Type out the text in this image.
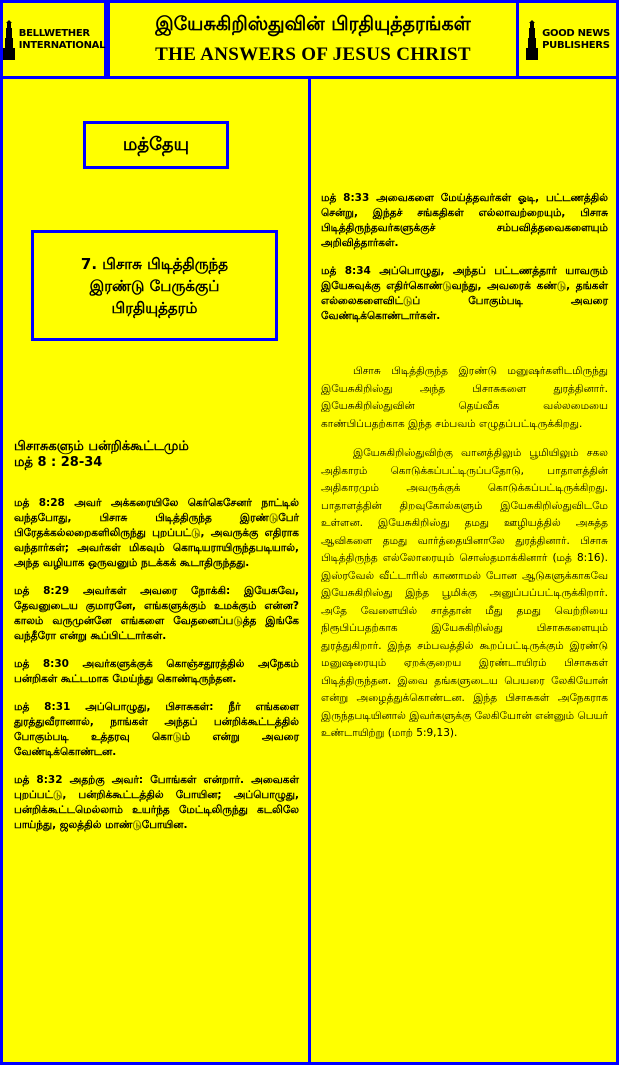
BELLWETHER
INTERNATIONAL
இயேசுகிறிஸ்துவின் பிரதியுத்தரங்கள்
THE ANSWERS OF JESUS CHRIST
GOOD NEWS
PUBLISHERS
மத்தேயு
7. பிசாசு பிடித்திருந்த
இரண்டு பேருக்குப்
பிரதியுத்தரம்
பிசாசுகளும் பன்றிக்கூட்டமும்
மத் 8 : 28-34

மத் 8:28 அவர் அக்கரையிலே கெர்கெசேனர் நாட்டில் வந்தபோது, பிசாசு பிடித்திருந்த இரண்டுபேர் பிரேதக்கல்லறைகளிலிருந்து புறப்பட்டு, அவருக்கு எதிராக வந்தார்கள்; அவர்கள் மிகவும் கொடியராயிருந்தபடியால், அந்த வழியாக ஒருவனும் நடக்கக் கூடாதிருந்தது.

மத் 8:29 அவர்கள் அவரை நோக்கி: இயேசுவே, தேவனுடைய குமாரனே, எங்களுக்கும் உமக்கும் என்ன? காலம் வருமுன்னே எங்களை வேதனைப்படுத்த இங்கே வந்தீரோ என்று கூப்பிட்டார்கள்.

மத் 8:30 அவர்களுக்குக் கொஞ்சதூரத்தில் அநேகம் பன்றிகள் கூட்டமாக மேய்ந்து கொண்டிருந்தன.

மத் 8:31 அப்பொழுது, பிசாசுகள்: நீர் எங்களை துரத்துவீரானால், நாங்கள் அந்தப் பன்றிக்கூட்டத்தில் போகும்படி உத்தரவு கொடும் என்று அவரை வேண்டிக்கொண்டன.

மத் 8:32 அதற்கு அவர்: போங்கள் என்றார். அவைகள் புறப்பட்டு, பன்றிக்கூட்டத்தில் போயின; அப்பொழுது, பன்றிக்கூட்டமெல்லாம் உயர்ந்த மேட்டிலிருந்து கடலிலே பாய்ந்து, ஜலத்தில் மாண்டுபோயின.

மத் 8:33 அவைகளை மேய்த்தவர்கள் ஓடி, பட்டணத்தில் சென்று, இந்தச் சங்கதிகள் எல்லாவற்றையும், பிசாசு பிடித்திருந்தவர்களுக்குச் சம்பவித்தவைகளையும் அறிவித்தார்கள்.

மத் 8:34 அப்பொழுது, அந்தப் பட்டணத்தார் யாவரும் இயேசுவுக்கு எதிர்கொண்டுவந்து, அவரைக் கண்டு, தங்கள் எல்லைகளைவிட்டுப் போகும்படி அவரை வேண்டிக்கொண்டார்கள்.

பிசாசு பிடித்திருந்த இரண்டு மனுஷர்களிடமிருந்து இயேசுகிறிஸ்து அந்த பிசாசுகளை துரத்தினார். இயேசுகிறிஸ்துவின் தெய்வீக வல்லமையை காண்பிப்பதற்காக இந்த சம்பவம் எழுதப்பட்டிருக்கிறது.

இயேசுகிறிஸ்துவிற்கு வானத்திலும் பூமியிலும் சகல அதிகாரம் கொடுக்கப்பட்டிருப்பதோடு, பாதாளத்தின் அதிகாரமும் அவருக்குக் கொடுக்கப்பட்டிருக்கிறது. பாதாளத்தின் திறவுகோல்களும் இயேசுகிறிஸ்துவிடமே உள்ளன. இயேசுகிறிஸ்து தமது ஊழியத்தில் அசுத்த ஆவிகளை தமது வார்த்தையினாலே துரத்தினார். பிசாசு பிடித்திருந்த எல்லோரையும் சொஸ்தமாக்கினார் (மத் 8:16). இஸ்ரவேல் வீட்டாரில் காணாமல் போன ஆடுகளுக்காகவே இயேசுகிறிஸ்து இந்த பூமிக்கு அனுப்பப்பட்டிருக்கிறார். அதே வேளையில் சாத்தான் மீது தமது வெற்றியை நிரூபிப்பதற்காக இயேசுகிறிஸ்து பிசாசுகளையும் துரத்துகிறார். இந்த சம்பவத்தில் கூறப்பட்டிருக்கும் இரண்டு மனுஷரையும் ஏறக்குறைய இரண்டாயிரம் பிசாசுகள் பிடித்திருந்தன. இவை தங்களுடைய பெயரை லேகியோன் என்று அழைத்துக்கொண்டன. இந்த பிசாசுகள் அநேகராக இருந்தபடியினால் இவர்களுக்கு லேகியோன் என்னும் பெயர் உண்டாயிற்று (மாற் 5:9,13).
